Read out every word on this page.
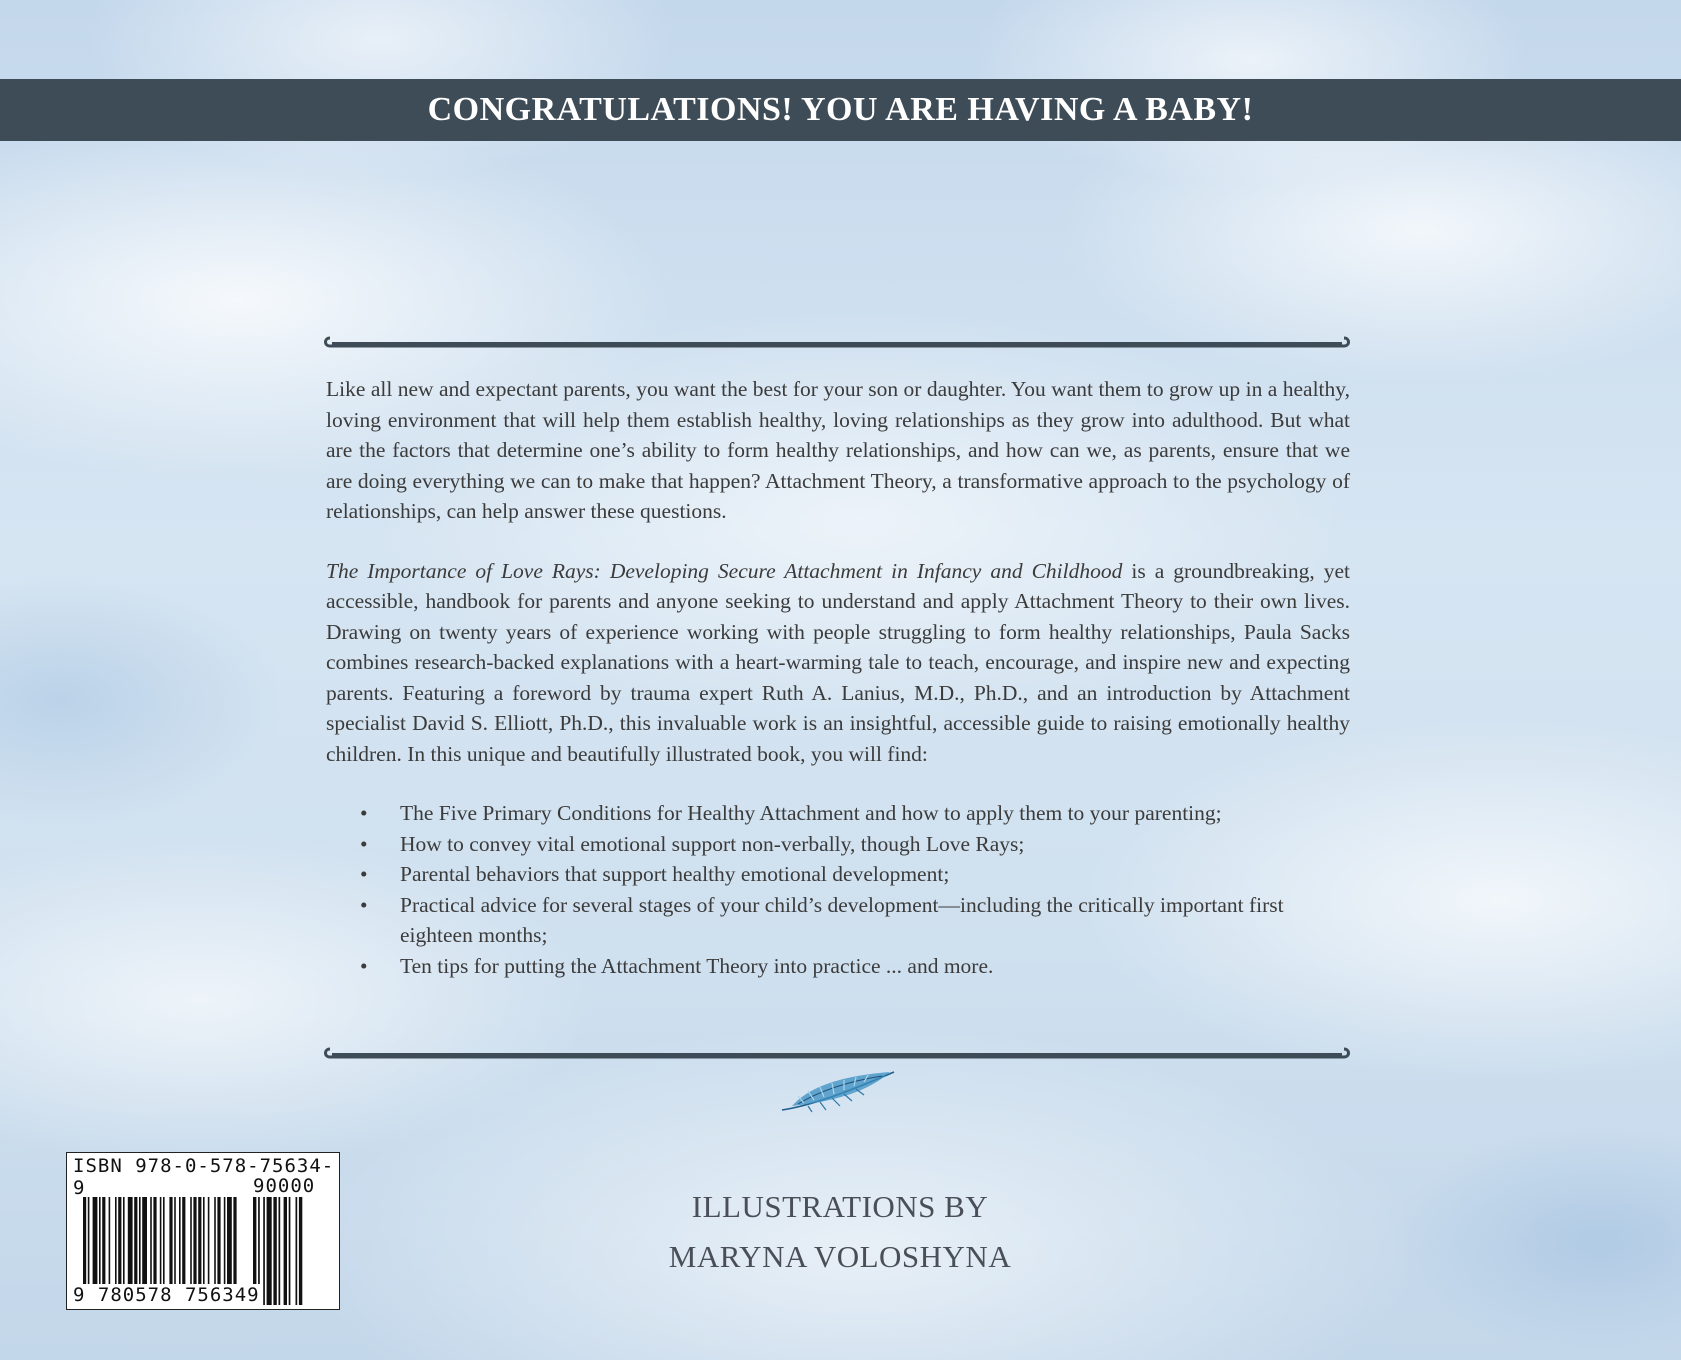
CONGRATULATIONS! YOU ARE HAVING A BABY!

Like all new and expectant parents, you want the best for your son or daughter. You want them to grow up in a healthy, loving environment that will help them establish healthy, loving relationships as they grow into adulthood. But what are the factors that determine one’s ability to form healthy relationships, and how can we, as parents, ensure that we are doing everything we can to make that happen? Attachment Theory, a transformative approach to the psychology of relationships, can help answer these questions.

The Importance of Love Rays: Developing Secure Attachment in Infancy and Childhood is a groundbreaking, yet accessible, handbook for parents and anyone seeking to understand and apply Attachment Theory to their own lives. Drawing on twenty years of experience working with people struggling to form healthy relationships, Paula Sacks combines research-backed explanations with a heart-warming tale to teach, encourage, and inspire new and expecting parents. Featuring a foreword by trauma expert Ruth A. Lanius, M.D., Ph.D., and an introduction by Attachment specialist David S. Elliott, Ph.D., this invaluable work is an insightful, accessible guide to raising emotionally healthy children. In this unique and beautifully illustrated book, you will find:

• The Five Primary Conditions for Healthy Attachment and how to apply them to your parenting;
• How to convey vital emotional support non-verbally, though Love Rays;
• Parental behaviors that support healthy emotional development;
• Practical advice for several stages of your child’s development—including the critically important first eighteen months;
• Ten tips for putting the Attachment Theory into practice ... and more.
ILLUSTRATIONS BY
MARYNA VOLOSHYNA
ISBN 978-0-578-75634-9	90000
9 780578 756349
